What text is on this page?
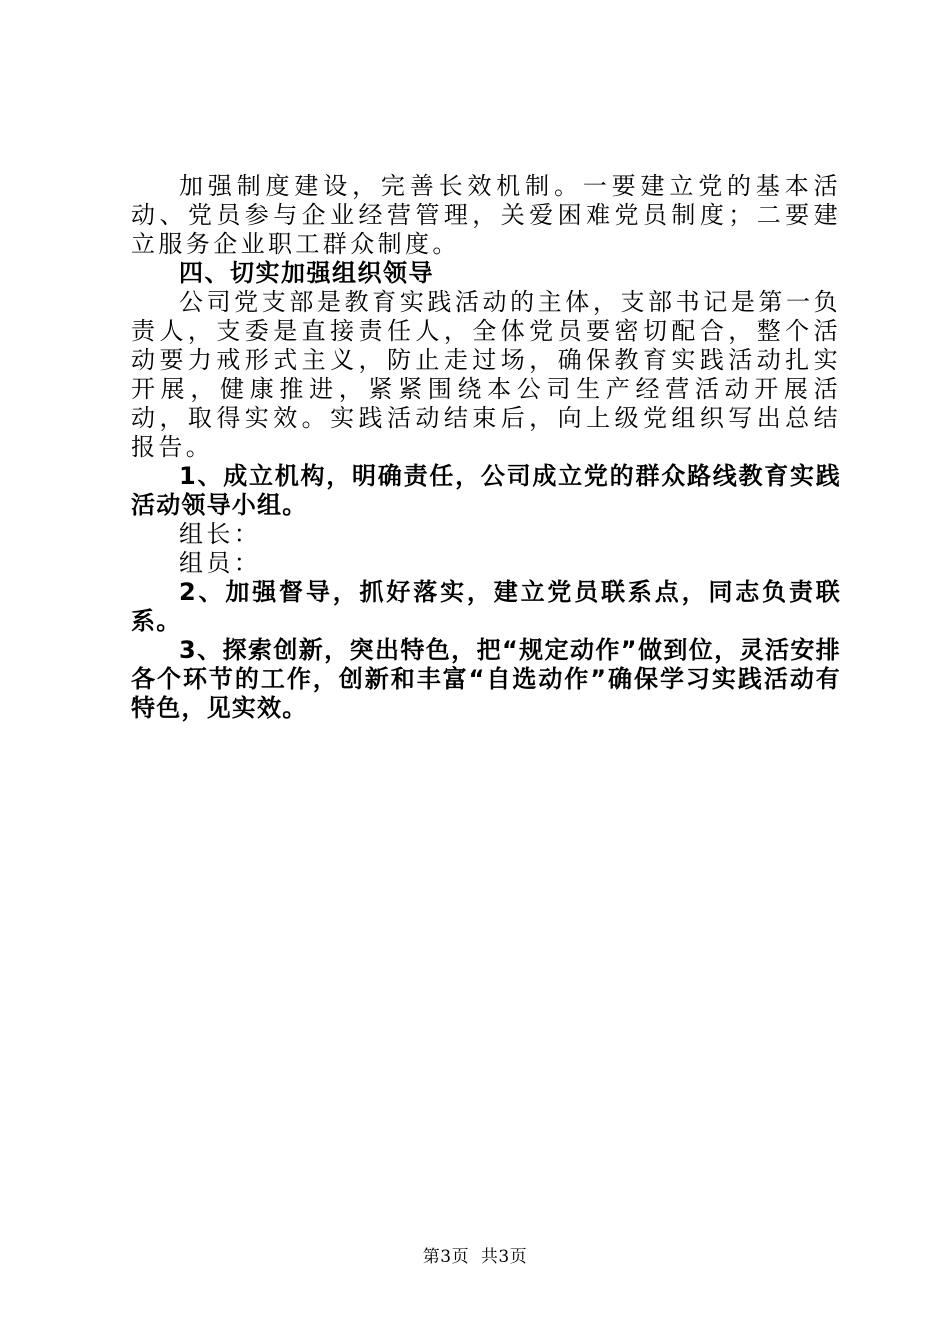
加强制度建设，完善长效机制。一要建立党的基本活动、党员参与企业经营管理，关爱困难党员制度；二要建立服务企业职工群众制度。

四、切实加强组织领导

公司党支部是教育实践活动的主体，支部书记是第一负责人，支委是直接责任人，全体党员要密切配合，整个活动要力戒形式主义，防止走过场，确保教育实践活动扎实开展，健康推进，紧紧围绕本公司生产经营活动开展活动，取得实效。实践活动结束后，向上级党组织写出总结报告。

1、成立机构，明确责任，公司成立党的群众路线教育实践活动领导小组。

组长：

组员：

2、加强督导，抓好落实，建立党员联系点，同志负责联系。

3、探索创新，突出特色，把“规定动作”做到位，灵活安排各个环节的工作，创新和丰富“自选动作”确保学习实践活动有特色，见实效。

第3页 共3页
